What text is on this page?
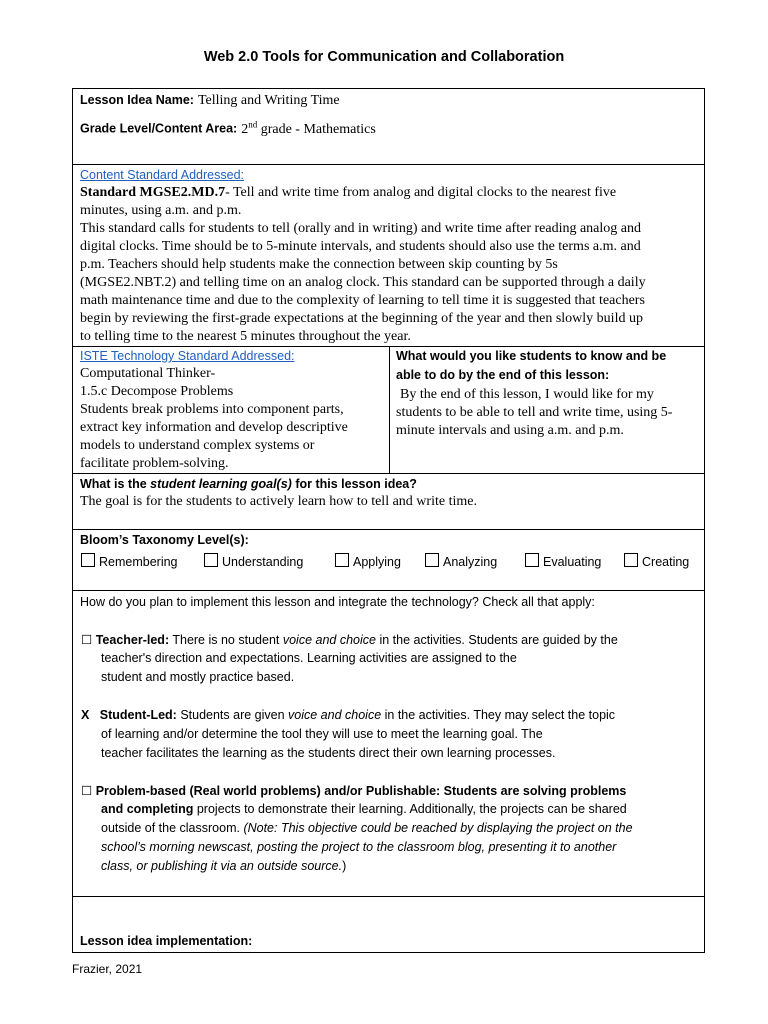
Web 2.0 Tools for Communication and Collaboration
Lesson Idea Name: Telling and Writing Time
Grade Level/Content Area: 2nd grade - Mathematics
Content Standard Addressed:
Standard MGSE2.MD.7- Tell and write time from analog and digital clocks to the nearest five
minutes, using a.m. and p.m.
This standard calls for students to tell (orally and in writing) and write time after reading analog and
digital clocks. Time should be to 5-minute intervals, and students should also use the terms a.m. and
p.m. Teachers should help students make the connection between skip counting by 5s
(MGSE2.NBT.2) and telling time on an analog clock. This standard can be supported through a daily
math maintenance time and due to the complexity of learning to tell time it is suggested that teachers
begin by reviewing the first-grade expectations at the beginning of the year and then slowly build up
to telling time to the nearest 5 minutes throughout the year.
ISTE Technology Standard Addressed:
Computational Thinker-
1.5.c Decompose Problems
Students break problems into component parts,
extract key information and develop descriptive
models to understand complex systems or
facilitate problem-solving.
What would you like students to know and be
able to do by the end of this lesson:
By the end of this lesson, I would like for my
students to be able to tell and write time, using 5-
minute intervals and using a.m. and p.m.
What is the student learning goal(s) for this lesson idea?
The goal is for the students to actively learn how to tell and write time.
Bloom’s Taxonomy Level(s):
Remembering	Understanding	Applying	Analyzing	Evaluating	Creating
How do you plan to implement this lesson and integrate the technology? Check all that apply:
☐ Teacher-led: There is no student voice and choice in the activities. Students are guided by the
teacher's direction and expectations. Learning activities are assigned to the
student and mostly practice based.
X Student-Led: Students are given voice and choice in the activities. They may select the topic
of learning and/or determine the tool they will use to meet the learning goal. The
teacher facilitates the learning as the students direct their own learning processes.
☐ Problem-based (Real world problems) and/or Publishable: Students are solving problems
and completing projects to demonstrate their learning. Additionally, the projects can be shared
outside of the classroom. (Note: This objective could be reached by displaying the project on the
school’s morning newscast, posting the project to the classroom blog, presenting it to another
class, or publishing it via an outside source.)
Lesson idea implementation:
Frazier, 2021
